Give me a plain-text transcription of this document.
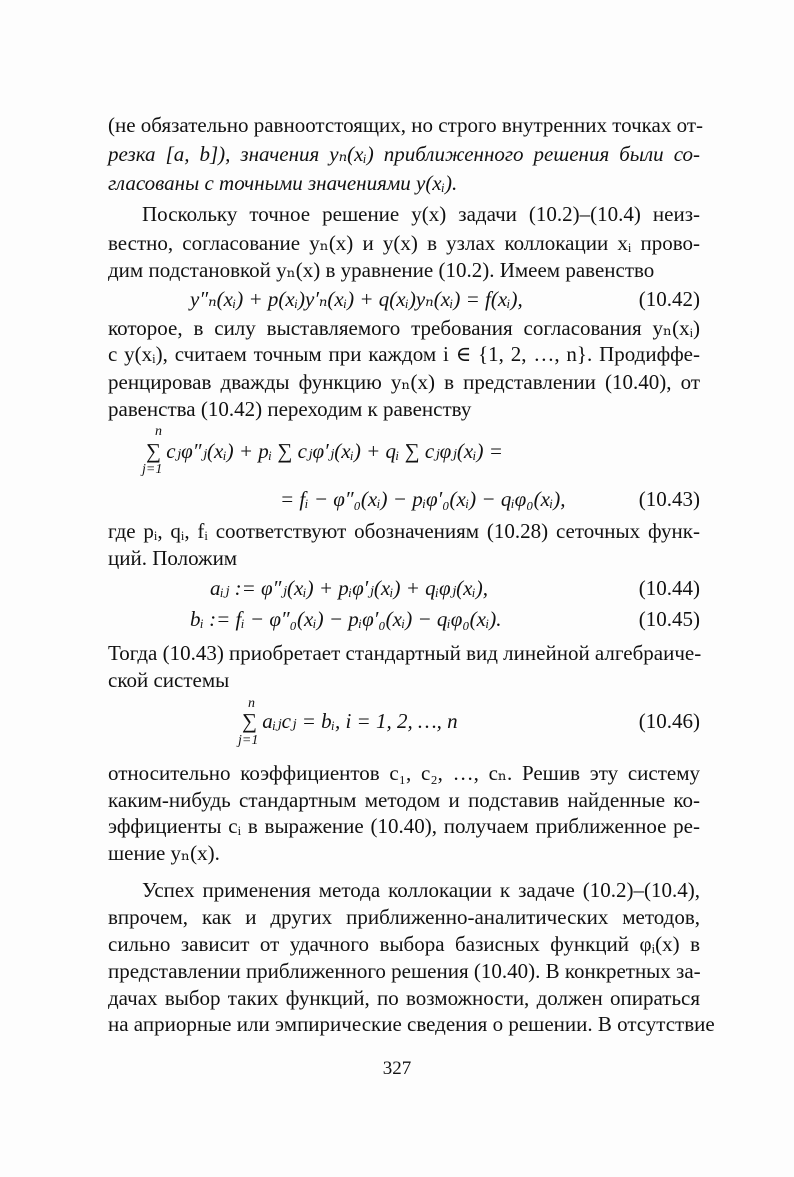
(не обязательно равноотстоящих, но строго внутренних точках от-
резка [a, b]), значения yₙ(xᵢ) приближенного решения были со-
гласованы с точными значениями y(xᵢ).
Поскольку точное решение y(x) задачи (10.2)–(10.4) неиз-
вестно, согласование yₙ(x) и y(x) в узлах коллокации xᵢ прово-
дим подстановкой yₙ(x) в уравнение (10.2). Имеем равенство
y″ₙ(xᵢ) + p(xᵢ)y′ₙ(xᵢ) + q(xᵢ)yₙ(xᵢ) = f(xᵢ),	(10.42)
которое, в силу выставляемого требования согласования yₙ(xᵢ)
с y(xᵢ), считаем точным при каждом i ∈ {1, 2, …, n}. Продиффе-
ренцировав дважды функцию yₙ(x) в представлении (10.40), от
равенства (10.42) переходим к равенству
n
∑ cⱼφ″ⱼ(xᵢ) + pᵢ ∑ cⱼφ′ⱼ(xᵢ) + qᵢ ∑ cⱼφⱼ(xᵢ) =
j=1
= fᵢ − φ″₀(xᵢ) − pᵢφ′₀(xᵢ) − qᵢφ₀(xᵢ),	(10.43)
где pᵢ, qᵢ, fᵢ соответствуют обозначениям (10.28) сеточных функ-
ций. Положим
aᵢⱼ := φ″ⱼ(xᵢ) + pᵢφ′ⱼ(xᵢ) + qᵢφⱼ(xᵢ),	(10.44)
bᵢ := fᵢ − φ″₀(xᵢ) − pᵢφ′₀(xᵢ) − qᵢφ₀(xᵢ).	(10.45)
Тогда (10.43) приобретает стандартный вид линейной алгебраиче-
ской системы
n
∑ aᵢⱼcⱼ = bᵢ, i = 1, 2, …, n
j=1
(10.46)
относительно коэффициентов c₁, c₂, …, cₙ. Решив эту систему
каким-нибудь стандартным методом и подставив найденные ко-
эффициенты cᵢ в выражение (10.40), получаем приближенное ре-
шение yₙ(x).
Успех применения метода коллокации к задаче (10.2)–(10.4),
впрочем, как и других приближенно-аналитических методов,
сильно зависит от удачного выбора базисных функций φᵢ(x) в
представлении приближенного решения (10.40). В конкретных за-
дачах выбор таких функций, по возможности, должен опираться
на априорные или эмпирические сведения о решении. В отсутствие
327
